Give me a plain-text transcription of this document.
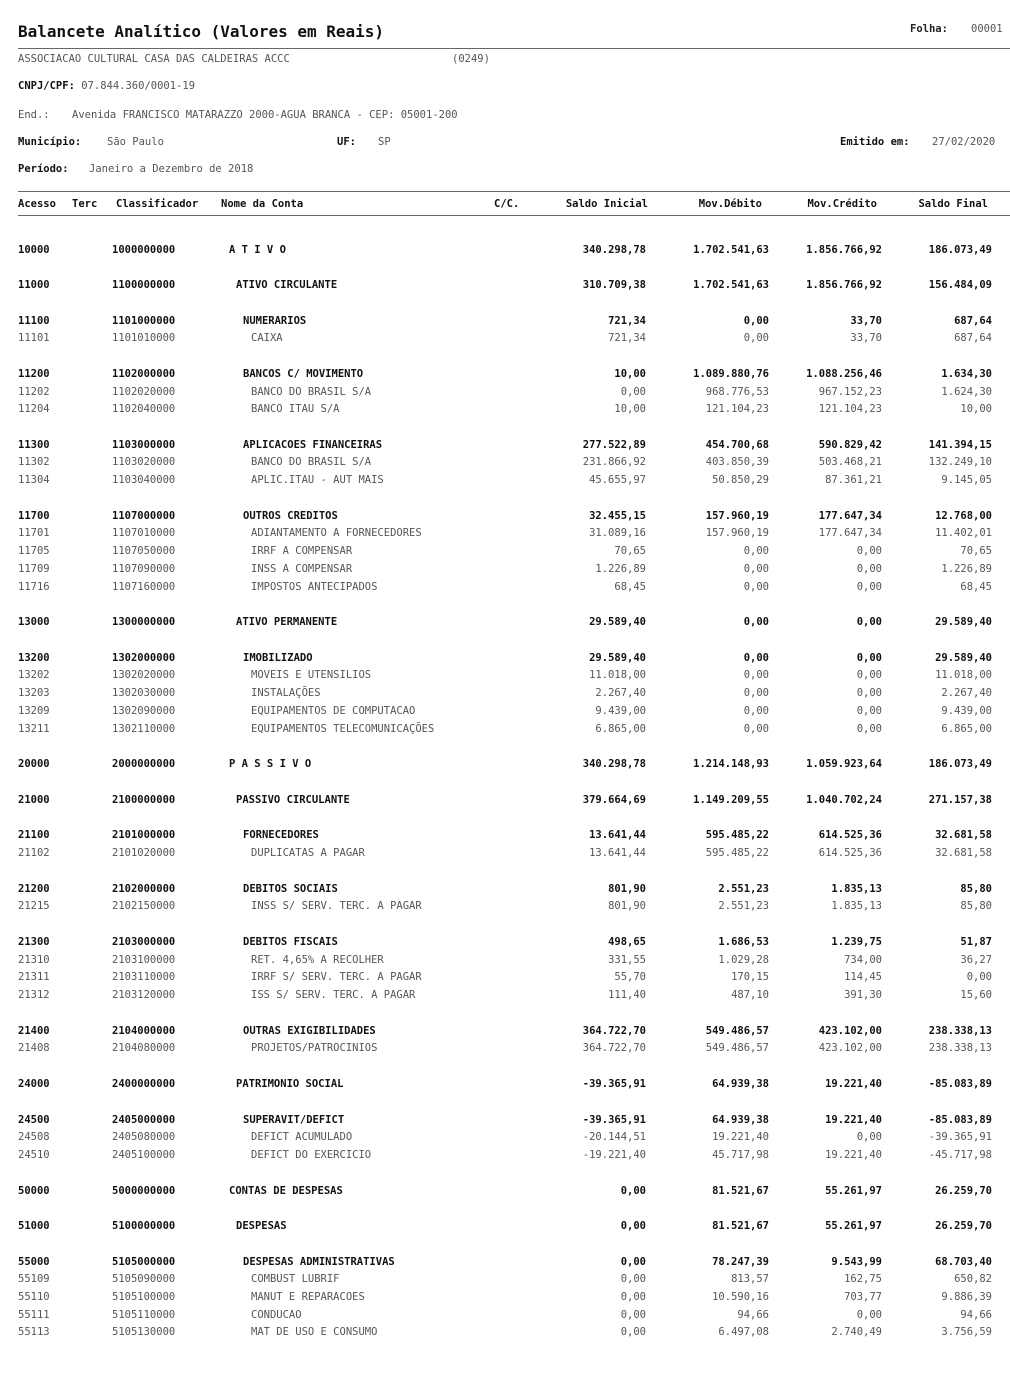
Balancete Analítico (Valores em Reais)	Folha: 00001
ASSOCIACAO CULTURAL CASA DAS CALDEIRAS ACCC	(0249)
CNPJ/CPF: 07.844.360/0001-19
End.: Avenida FRANCISCO MATARAZZO 2000-AGUA BRANCA - CEP: 05001-200
Município: São Paulo	UF: SP	Emitido em: 27/02/2020
Período: Janeiro a Dezembro de 2018
Acesso Terc Classificador Nome da Conta	C/C.	Saldo Inicial	Mov.Débito	Mov.Crédito	Saldo Final
10000	1000000000	A T I V O	340.298,78	1.702.541,63	1.856.766,92	186.073,49
11000	1100000000	ATIVO CIRCULANTE	310.709,38	1.702.541,63	1.856.766,92	156.484,09
11100	1101000000	NUMERARIOS	721,34	0,00	33,70	687,64
11101	1101010000	CAIXA	721,34	0,00	33,70	687,64
11200	1102000000	BANCOS C/ MOVIMENTO	10,00	1.089.880,76	1.088.256,46	1.634,30
11202	1102020000	BANCO DO BRASIL S/A	0,00	968.776,53	967.152,23	1.624,30
11204	1102040000	BANCO ITAU S/A	10,00	121.104,23	121.104,23	10,00
11300	1103000000	APLICACOES FINANCEIRAS	277.522,89	454.700,68	590.829,42	141.394,15
11302	1103020000	BANCO DO BRASIL S/A	231.866,92	403.850,39	503.468,21	132.249,10
11304	1103040000	APLIC.ITAU - AUT MAIS	45.655,97	50.850,29	87.361,21	9.145,05
11700	1107000000	OUTROS CREDITOS	32.455,15	157.960,19	177.647,34	12.768,00
11701	1107010000	ADIANTAMENTO A FORNECEDORES	31.089,16	157.960,19	177.647,34	11.402,01
11705	1107050000	IRRF A COMPENSAR	70,65	0,00	0,00	70,65
11709	1107090000	INSS A COMPENSAR	1.226,89	0,00	0,00	1.226,89
11716	1107160000	IMPOSTOS ANTECIPADOS	68,45	0,00	0,00	68,45
13000	1300000000	ATIVO PERMANENTE	29.589,40	0,00	0,00	29.589,40
13200	1302000000	IMOBILIZADO	29.589,40	0,00	0,00	29.589,40
13202	1302020000	MOVEIS E UTENSILIOS	11.018,00	0,00	0,00	11.018,00
13203	1302030000	INSTALAÇÕES	2.267,40	0,00	0,00	2.267,40
13209	1302090000	EQUIPAMENTOS DE COMPUTACAO	9.439,00	0,00	0,00	9.439,00
13211	1302110000	EQUIPAMENTOS TELECOMUNICAÇÕES	6.865,00	0,00	0,00	6.865,00
20000	2000000000	P A S S I V O	340.298,78	1.214.148,93	1.059.923,64	186.073,49
21000	2100000000	PASSIVO CIRCULANTE	379.664,69	1.149.209,55	1.040.702,24	271.157,38
21100	2101000000	FORNECEDORES	13.641,44	595.485,22	614.525,36	32.681,58
21102	2101020000	DUPLICATAS A PAGAR	13.641,44	595.485,22	614.525,36	32.681,58
21200	2102000000	DEBITOS SOCIAIS	801,90	2.551,23	1.835,13	85,80
21215	2102150000	INSS S/ SERV. TERC. A PAGAR	801,90	2.551,23	1.835,13	85,80
21300	2103000000	DEBITOS FISCAIS	498,65	1.686,53	1.239,75	51,87
21310	2103100000	RET. 4,65% A RECOLHER	331,55	1.029,28	734,00	36,27
21311	2103110000	IRRF S/ SERV. TERC. A PAGAR	55,70	170,15	114,45	0,00
21312	2103120000	ISS S/ SERV. TERC. A PAGAR	111,40	487,10	391,30	15,60
21400	2104000000	OUTRAS EXIGIBILIDADES	364.722,70	549.486,57	423.102,00	238.338,13
21408	2104080000	PROJETOS/PATROCINIOS	364.722,70	549.486,57	423.102,00	238.338,13
24000	2400000000	PATRIMONIO SOCIAL	-39.365,91	64.939,38	19.221,40	-85.083,89
24500	2405000000	SUPERAVIT/DEFICT	-39.365,91	64.939,38	19.221,40	-85.083,89
24508	2405080000	DEFICT ACUMULADO	-20.144,51	19.221,40	0,00	-39.365,91
24510	2405100000	DEFICT DO EXERCICIO	-19.221,40	45.717,98	19.221,40	-45.717,98
50000	5000000000	CONTAS DE DESPESAS	0,00	81.521,67	55.261,97	26.259,70
51000	5100000000	DESPESAS	0,00	81.521,67	55.261,97	26.259,70
55000	5105000000	DESPESAS ADMINISTRATIVAS	0,00	78.247,39	9.543,99	68.703,40
55109	5105090000	COMBUST LUBRIF	0,00	813,57	162,75	650,82
55110	5105100000	MANUT E REPARACOES	0,00	10.590,16	703,77	9.886,39
55111	5105110000	CONDUCAO	0,00	94,66	0,00	94,66
55113	5105130000	MAT DE USO E CONSUMO	0,00	6.497,08	2.740,49	3.756,59
